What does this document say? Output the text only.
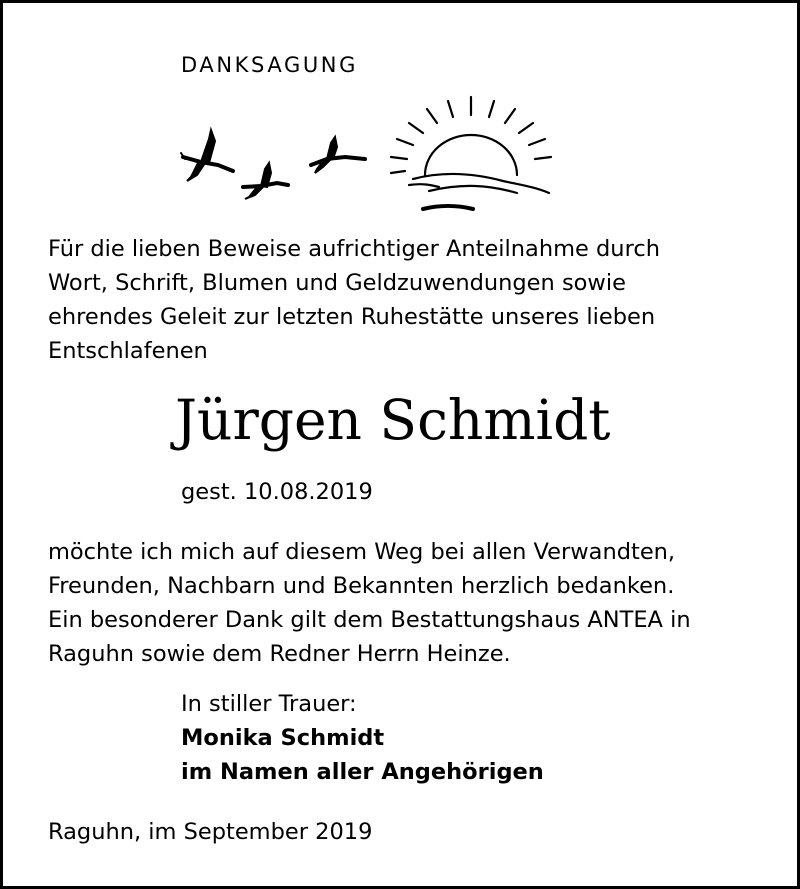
DANKSAGUNG
Für die lieben Beweise aufrichtiger Anteilnahme durch
Wort, Schrift, Blumen und Geldzuwendungen sowie
ehrendes Geleit zur letzten Ruhestätte unseres lieben
Entschlafenen
Jürgen Schmidt
gest. 10.08.2019
möchte ich mich auf diesem Weg bei allen Verwandten,
Freunden, Nachbarn und Bekannten herzlich bedanken.
Ein besonderer Dank gilt dem Bestattungshaus ANTEA in
Raguhn sowie dem Redner Herrn Heinze.
In stiller Trauer:
Monika Schmidt
im Namen aller Angehörigen
Raguhn, im September 2019
